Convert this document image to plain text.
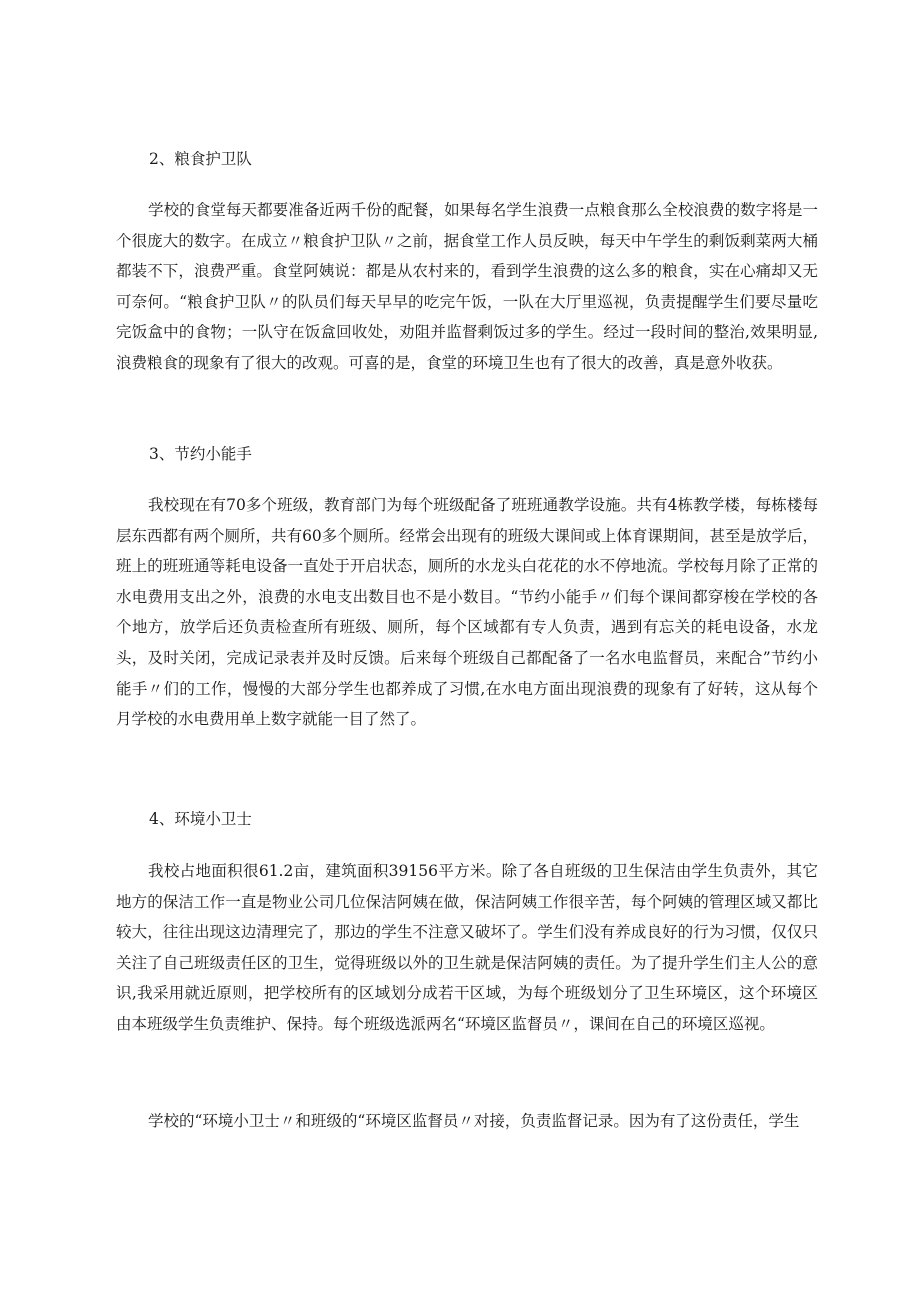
2、粮食护卫队

学校的食堂每天都要准备近两千份的配餐，如果每名学生浪费一点粮食那么全校浪费的数字将是一个很庞大的数字。在成立〃粮食护卫队〃之前，据食堂工作人员反映，每天中午学生的剩饭剩菜两大桶都装不下，浪费严重。食堂阿姨说：都是从农村来的，看到学生浪费的这么多的粮食，实在心痛却又无可奈何。“粮食护卫队〃的队员们每天早早的吃完午饭，一队在大厅里巡视，负责提醒学生们要尽量吃完饭盒中的食物；一队守在饭盒回收处，劝阻并监督剩饭过多的学生。经过一段时间的整治,效果明显,浪费粮食的现象有了很大的改观。可喜的是，食堂的环境卫生也有了很大的改善，真是意外收获。

3、节约小能手

我校现在有70多个班级，教育部门为每个班级配备了班班通教学设施。共有4栋教学楼，每栋楼每层东西都有两个厕所，共有60多个厕所。经常会出现有的班级大课间或上体育课期间，甚至是放学后，班上的班班通等耗电设备一直处于开启状态，厕所的水龙头白花花的水不停地流。学校每月除了正常的水电费用支出之外，浪费的水电支出数目也不是小数目。“节约小能手〃们每个课间都穿梭在学校的各个地方，放学后还负责检查所有班级、厕所，每个区域都有专人负责，遇到有忘关的耗电设备，水龙头，及时关闭，完成记录表并及时反馈。后来每个班级自己都配备了一名水电监督员，来配合”节约小能手〃们的工作，慢慢的大部分学生也都养成了习惯,在水电方面出现浪费的现象有了好转，这从每个月学校的水电费用单上数字就能一目了然了。

4、环境小卫士

我校占地面积很61.2亩，建筑面积39156平方米。除了各自班级的卫生保洁由学生负责外，其它地方的保洁工作一直是物业公司几位保洁阿姨在做，保洁阿姨工作很辛苦，每个阿姨的管理区域又都比较大，往往出现这边清理完了，那边的学生不注意又破坏了。学生们没有养成良好的行为习惯，仅仅只关注了自己班级责任区的卫生，觉得班级以外的卫生就是保洁阿姨的责任。为了提升学生们主人公的意识,我采用就近原则，把学校所有的区域划分成若干区域，为每个班级划分了卫生环境区，这个环境区由本班级学生负责维护、保持。每个班级选派两名“环境区监督员〃，课间在自己的环境区巡视。

学校的“环境小卫士〃和班级的“环境区监督员〃对接，负责监督记录。因为有了这份责任，学生
